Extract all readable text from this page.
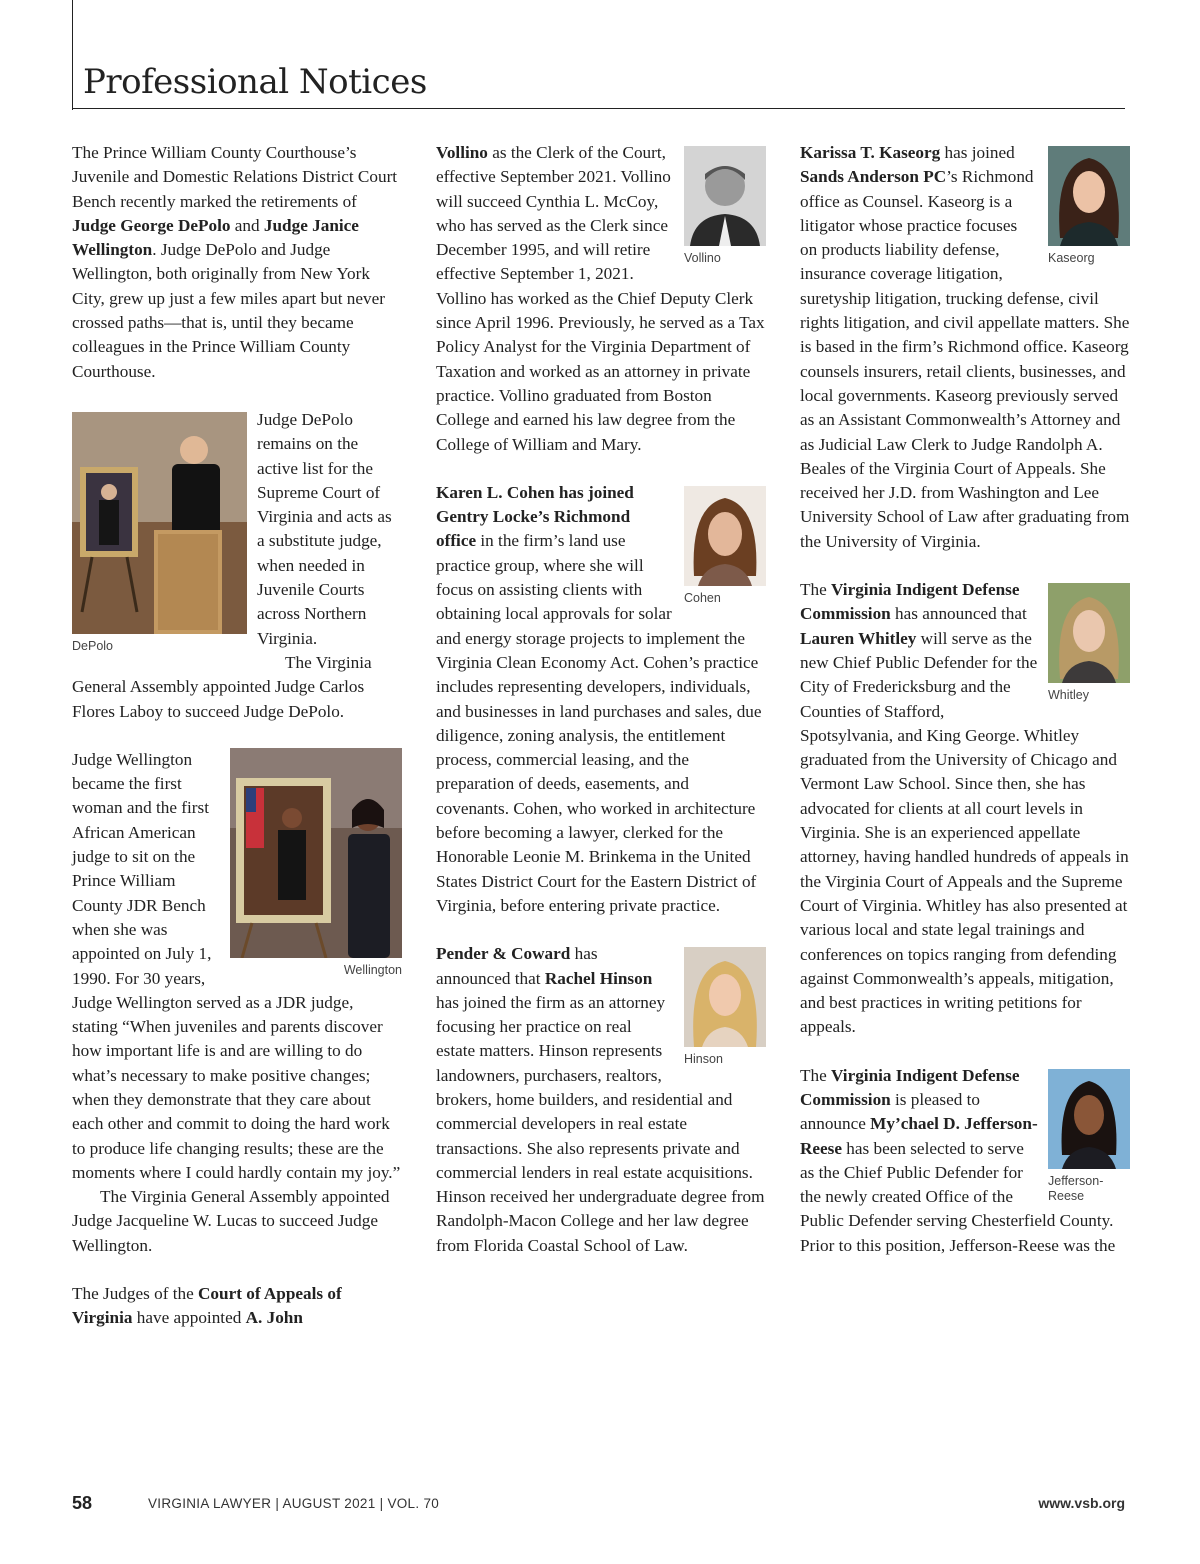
Professional Notices

The Prince William County Courthouse’s Juvenile and Domestic Relations District Court Bench recently marked the retirements of Judge George DePolo and Judge Janice Wellington. Judge DePolo and Judge Wellington, both originally from New York City, grew up just a few miles apart but never crossed paths—that is, until they became colleagues in the Prince William County Courthouse.

DePolo

Judge DePolo remains on the active list for the Supreme Court of Virginia and acts as a substitute judge, when needed in Juvenile Courts across Northern Virginia.

The Virginia General Assembly appointed Judge Carlos Flores Laboy to succeed Judge DePolo.

Wellington

Judge Wellington became the first woman and the first African American judge to sit on the Prince William County JDR Bench when she was appointed on July 1, 1990. For 30 years, Judge Wellington served as a JDR judge, stating “When juveniles and parents discover how important life is and are willing to do what’s necessary to make positive changes; when they demonstrate that they care about each other and commit to doing the hard work to produce life changing results; these are the moments where I could hardly contain my joy.”

The Virginia General Assembly appointed Judge Jacqueline W. Lucas to succeed Judge Wellington.

The Judges of the Court of Appeals of Virginia have appointed A. John

Vollino

Vollino as the Clerk of the Court, effective September 2021. Vollino will succeed Cynthia L. McCoy, who has served as the Clerk since December 1995, and will retire effective September 1, 2021. Vollino has worked as the Chief Deputy Clerk since April 1996. Previously, he served as a Tax Policy Analyst for the Virginia Department of Taxation and worked as an attorney in private practice. Vollino graduated from Boston College and earned his law degree from the College of William and Mary.

Cohen

Karen L. Cohen has joined Gentry Locke’s Richmond office in the firm’s land use practice group, where she will focus on assisting clients with obtaining local approvals for solar and energy storage projects to implement the Virginia Clean Economy Act. Cohen’s practice includes representing developers, individuals, and businesses in land purchases and sales, due diligence, zoning analysis, the entitlement process, commercial leasing, and the preparation of deeds, easements, and covenants. Cohen, who worked in architecture before becoming a lawyer, clerked for the Honorable Leonie M. Brinkema in the United States District Court for the Eastern District of Virginia, before entering private practice.

Hinson

Pender & Coward has announced that Rachel Hinson has joined the firm as an attorney focusing her practice on real estate matters. Hinson represents landowners, purchasers, realtors, brokers, home builders, and residential and commercial developers in real estate transactions. She also represents private and commercial lenders in real estate acquisitions. Hinson received her undergraduate degree from Randolph-Macon College and her law degree from Florida Coastal School of Law.

Kaseorg

Karissa T. Kaseorg has joined Sands Anderson PC’s Richmond office as Counsel. Kaseorg is a litigator whose practice focuses on products liability defense, insurance coverage litigation, suretyship litigation, trucking defense, civil rights litigation, and civil appellate matters. She is based in the firm’s Richmond office. Kaseorg counsels insurers, retail clients, businesses, and local governments. Kaseorg previously served as an Assistant Commonwealth’s Attorney and as Judicial Law Clerk to Judge Randolph A. Beales of the Virginia Court of Appeals. She received her J.D. from Washington and Lee University School of Law after graduating from the University of Virginia.

Whitley

The Virginia Indigent Defense Commission has announced that Lauren Whitley will serve as the new Chief Public Defender for the City of Fredericksburg and the Counties of Stafford, Spotsylvania, and King George. Whitley graduated from the University of Chicago and Vermont Law School. Since then, she has advocated for clients at all court levels in Virginia. She is an experienced appellate attorney, having handled hundreds of appeals in the Virginia Court of Appeals and the Supreme Court of Virginia. Whitley has also presented at various local and state legal trainings and conferences on topics ranging from defending against Commonwealth’s appeals, mitigation, and best practices in writing petitions for appeals.

Jefferson-Reese

The Virginia Indigent Defense Commission is pleased to announce My’chael D. Jefferson-Reese has been selected to serve as the Chief Public Defender for the newly created Office of the Public Defender serving Chesterfield County. Prior to this position, Jefferson-Reese was the

58	VIRGINIA LAWYER | AUGUST 2021 | VOL. 70	www.vsb.org
